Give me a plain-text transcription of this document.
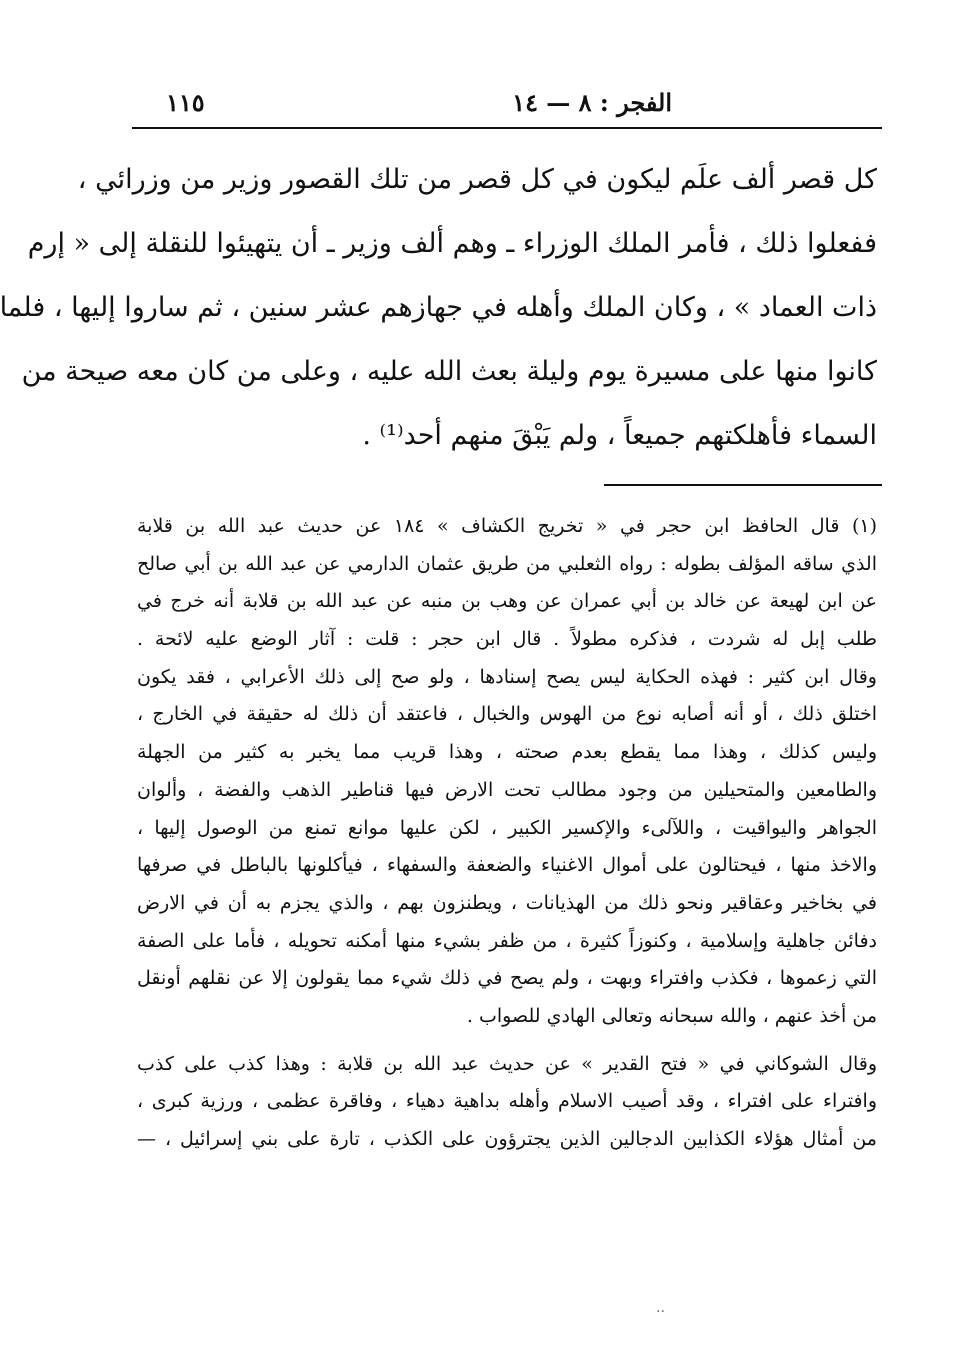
الفجر : ٨ — ١٤
١١٥
كل قصر ألف علَم ليكون في كل قصر من تلك القصور وزير من وزرائي ،
ففعلوا ذلك ، فأمر الملك الوزراء ـ وهم ألف وزير ـ أن يتهيئوا للنقلة إلى « إرم
ذات العماد » ، وكان الملك وأهله في جهازهم عشر سنين ، ثم ساروا إليها ، فلما
كانوا منها على مسيرة يوم وليلة بعث الله عليه ، وعلى من كان معه صيحة من
السماء فأهلكتهم جميعاً ، ولم يَبْقَ منهم أحد⁽¹⁾ .
(١) قال الحافظ ابن حجر في « تخريج الكشاف » ١٨٤ عن حديث عبد الله بن قلابة
الذي ساقه المؤلف بطوله : رواه الثعلبي من طريق عثمان الدارمي عن عبد الله بن أبي صالح
عن ابن لهيعة عن خالد بن أبي عمران عن وهب بن منبه عن عبد الله بن قلابة أنه خرج في
طلب إبل له شردت ، فذكره مطولاً . قال ابن حجر : قلت : آثار الوضع عليه لائحة .
وقال ابن كثير : فهذه الحكاية ليس يصح إسنادها ، ولو صح إلى ذلك الأعرابي ، فقد يكون
اختلق ذلك ، أو أنه أصابه نوع من الهوس والخبال ، فاعتقد أن ذلك له حقيقة في الخارج ،
وليس كذلك ، وهذا مما يقطع بعدم صحته ، وهذا قريب مما يخبر به كثير من الجهلة
والطامعين والمتحيلين من وجود مطالب تحت الارض فيها قناطير الذهب والفضة ، وألوان
الجواهر واليواقيت ، واللآلىء والإكسير الكبير ، لكن عليها موانع تمنع من الوصول إليها ،
والاخذ منها ، فيحتالون على أموال الاغنياء والضعفة والسفهاء ، فيأكلونها بالباطل في صرفها
في بخاخير وعقاقير ونحو ذلك من الهذيانات ، ويطنزون بهم ، والذي يجزم به أن في الارض
دفائن جاهلية وإسلامية ، وكنوزاً كثيرة ، من ظفر بشيء منها أمكنه تحويله ، فأما على الصفة
التي زعموها ، فكذب وافتراء وبهت ، ولم يصح في ذلك شيء مما يقولون إلا عن نقلهم أونقل
من أخذ عنهم ، والله سبحانه وتعالى الهادي للصواب .
وقال الشوكاني في « فتح القدير » عن حديث عبد الله بن قلابة : وهذا كذب على كذب
وافتراء على افتراء ، وقد أصيب الاسلام وأهله بداهية دهياء ، وفاقرة عظمى ، ورزية كبرى ،
من أمثال هؤلاء الكذابين الدجالين الذين يجترؤون على الكذب ، تارة على بني إسرائيل ، —
..
